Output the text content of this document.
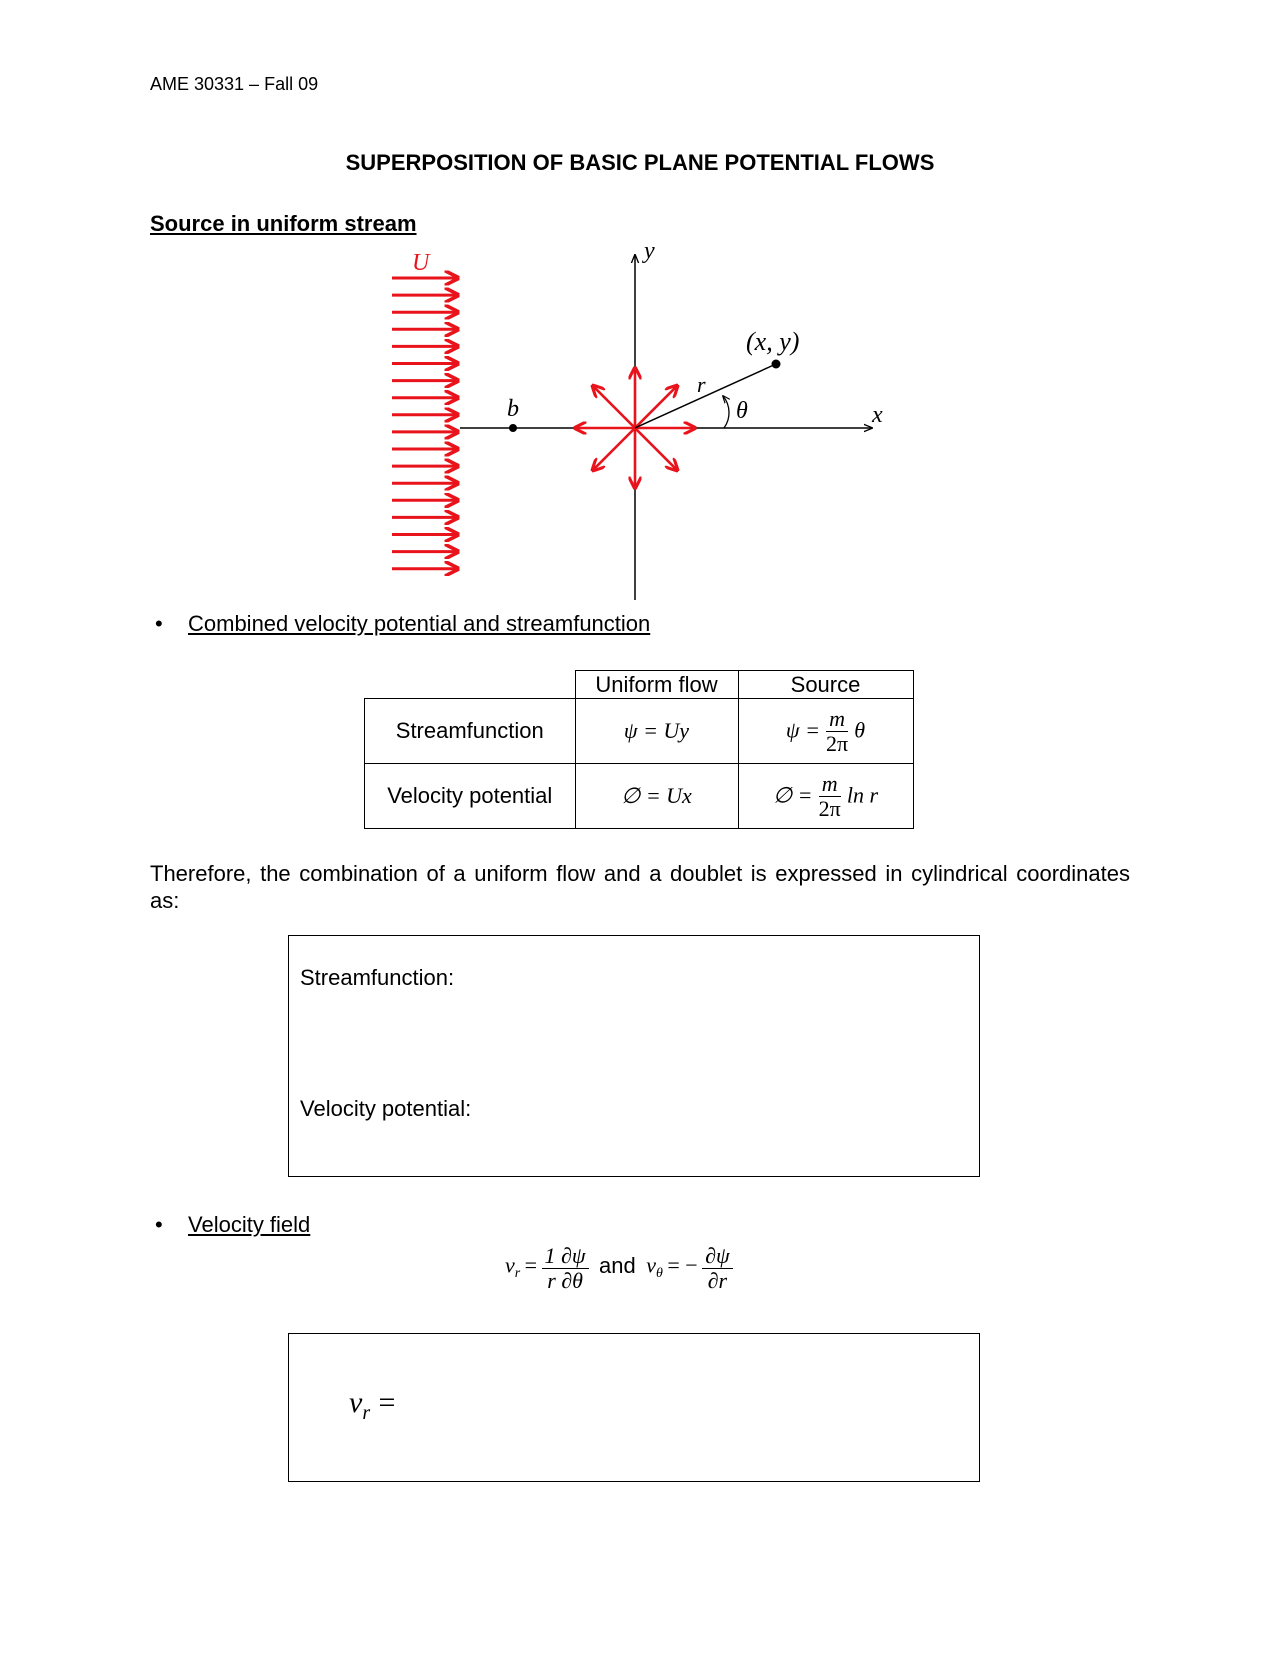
AME 30331 – Fall 09
SUPERPOSITION OF BASIC PLANE POTENTIAL FLOWS
Source in uniform stream
U	y
x
b
(x, y)
r
θ
• Combined velocity potential and streamfunction
	Uniform flow	Source
Streamfunction	ψ = Uy	$\psi = \frac{m}{2\pi}$ θ
Velocity potential	∅ = Ux	∅ = $\frac{m}{2\pi}$ ln r
Therefore, the combination of a uniform flow and a doublet is expressed in cylindrical coordinates as:
Streamfunction:
Velocity potential:
• Velocity field
$v_r = \frac{1 \partial\psi}{r \partial\theta}$ and $v_\theta$ = − $\frac{\partial\psi}{\partial r}$
$v_r$ =
